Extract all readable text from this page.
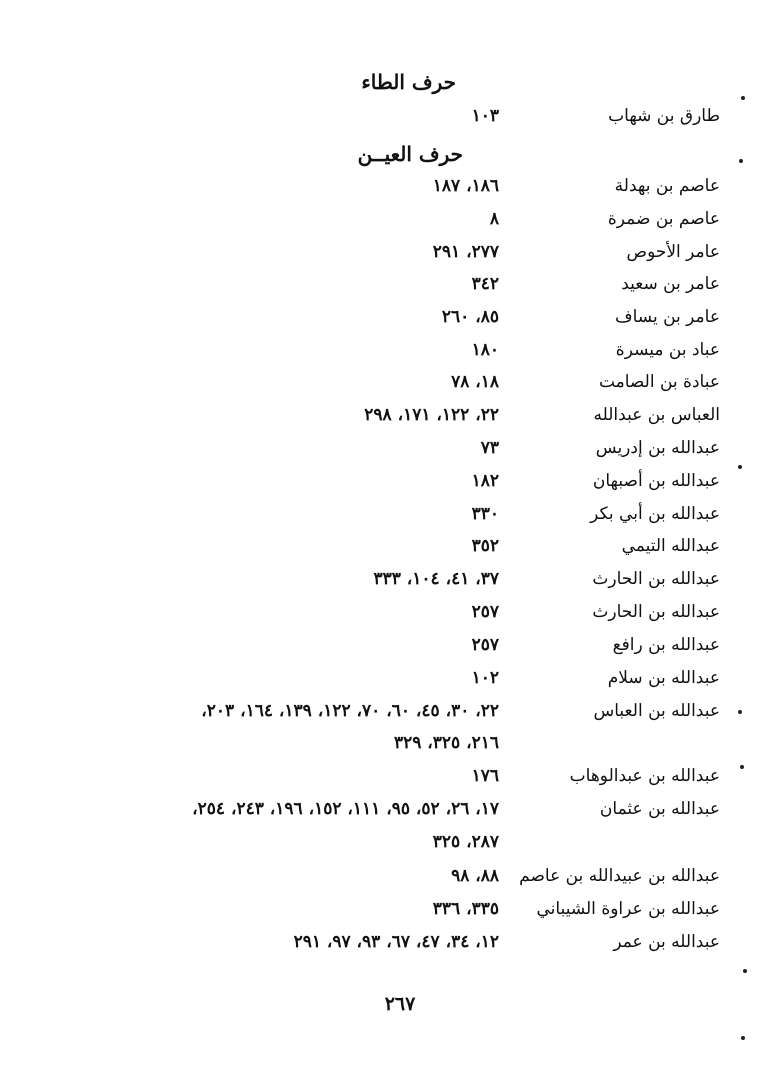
حرف الطاء
طارق بن شهاب
١٠٣
حرف العيــن
عاصم بن بهدلة
١٨٦، ١٨٧
عاصم بن ضمرة
٨
عامر الأحوص
٢٧٧، ٢٩١
عامر بن سعيد
٣٤٢
عامر بن يساف
٨٥، ٢٦٠
عباد بن ميسرة
١٨٠
عبادة بن الصامت
١٨، ٧٨
العباس بن عبدالله
٢٢، ١٢٢، ١٧١، ٢٩٨
عبدالله بن إدريس
٧٣
عبدالله بن أصبهان
١٨٢
عبدالله بن أبي بكر
٣٣٠
عبدالله التيمي
٣٥٢
عبدالله بن الحارث
٣٧، ٤١، ١٠٤، ٣٣٣
عبدالله بن الحارث
٢٥٧
عبدالله بن رافع
٢٥٧
عبدالله بن سلام
١٠٢
عبدالله بن العباس
٢٢، ٣٠، ٤٥، ٦٠، ٧٠، ١٢٢، ١٣٩، ١٦٤، ٢٠٣،
٢١٦، ٣٢٥، ٣٢٩
عبدالله بن عبدالوهاب
١٧٦
عبدالله بن عثمان
١٧، ٢٦، ٥٢، ٩٥، ١١١، ١٥٢، ١٩٦، ٢٤٣، ٢٥٤،
٢٨٧، ٣٢٥
عبدالله بن عبيدالله بن عاصم
٨٨، ٩٨
عبدالله بن عراوة الشيباني
٣٣٥، ٣٣٦
عبدالله بن عمر
١٢، ٣٤، ٤٧، ٦٧، ٩٣، ٩٧، ٢٩١
٢٦٧
